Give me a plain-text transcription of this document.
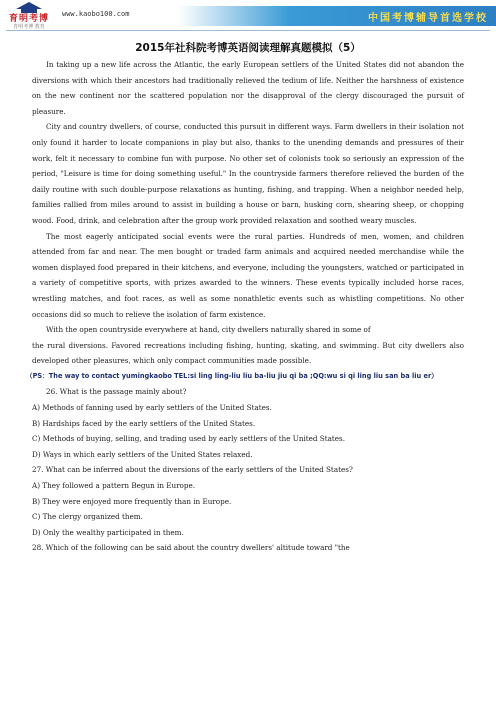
育明考博
育明考博 教育
www.kaobo100.com	中国考博辅导首选学校
2015年社科院考博英语阅读理解真题模拟（5）

In taking up a new life across the Atlantic, the early European settlers of the United States did not abandon the diversions with which their ancestors had traditionally relieved the tedium of life. Neither the harshness of existence on the new continent nor the scattered population nor the disapproval of the clergy discouraged the pursuit of pleasure.

City and country dwellers, of course, conducted this pursuit in different ways. Farm dwellers in their isolation not only found it harder to locate companions in play but also, thanks to the unending demands and pressures of their work, felt it necessary to combine fun with purpose. No other set of colonists took so seriously an expression of the period, "Leisure is time for doing something useful." In the countryside farmers therefore relieved the burden of the daily routine with such double-purpose relaxations as hunting, fishing, and trapping. When a neighbor needed help, families rallied from miles around to assist in building a house or barn, husking corn, shearing sheep, or chopping wood. Food, drink, and celebration after the group work provided relaxation and soothed weary muscles.

The most eagerly anticipated social events were the rural parties. Hundreds of men, women, and children attended from far and near. The men bought or traded farm animals and acquired needed merchandise while the women displayed food prepared in their kitchens, and everyone, including the youngsters, watched or participated in a variety of competitive sports, with prizes awarded to the winners. These events typically included horse races, wrestling matches, and foot races, as well as some nonathletic events such as whistling competitions. No other occasions did so much to relieve the isolation of farm existence.

With the open countryside everywhere at hand, city dwellers naturally shared in some of

the rural diversions. Favored recreations including fishing, hunting, skating, and swimming. But city dwellers also developed other pleasures, which only compact communities made possible.

（PS：The way to contact yumingkaobo TEL:si ling ling-liu liu ba-liu jiu qi ba ;QQ:wu si qi ling liu san ba liu er）

26. What is the passage mainly about?

A) Methods of fanning used by early settlers of the United States.

B) Hardships faced by the early settlers of the United States.

C) Methods of buying, selling, and trading used by early settlers of the United States.

D) Ways in which early settlers of the United States relaxed.

27. What can be inferred about the diversions of the early settlers of the United States?

A) They followed a pattern Begun in Europe.

B) They were enjoyed more frequently than in Europe.

C) The clergy organized them.

D) Only the wealthy participated in them.

28. Which of the following can be said about the country dwellers' altitude toward "the
